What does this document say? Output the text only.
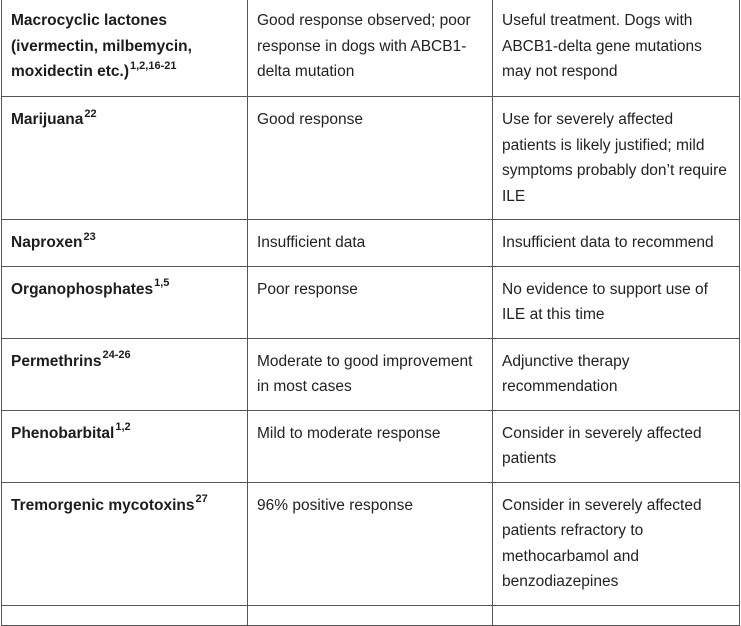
Macrocyclic lactones (ivermectin, milbemycin, moxidectin etc.)$^{1,2,16-21}$	Good response observed; poor response in dogs with ABCB1-delta mutation	Useful treatment. Dogs with ABCB1-delta gene mutations may not respond
Marijuana$^{22}$	Good response	Use for severely affected patients is likely justified; mild symptoms probably don’t require ILE
Naproxen$^{23}$	Insufficient data	Insufficient data to recommend
Organophosphates$^{1,5}$	Poor response	No evidence to support use of ILE at this time
Permethrins$^{24-26}$	Moderate to good improvement in most cases	Adjunctive therapy recommendation
Phenobarbital$^{1,2}$	Mild to moderate response	Consider in severely affected patients
Tremorgenic mycotoxins$^{27}$	96% positive response	Consider in severely affected patients refractory to methocarbamol and benzodiazepines
